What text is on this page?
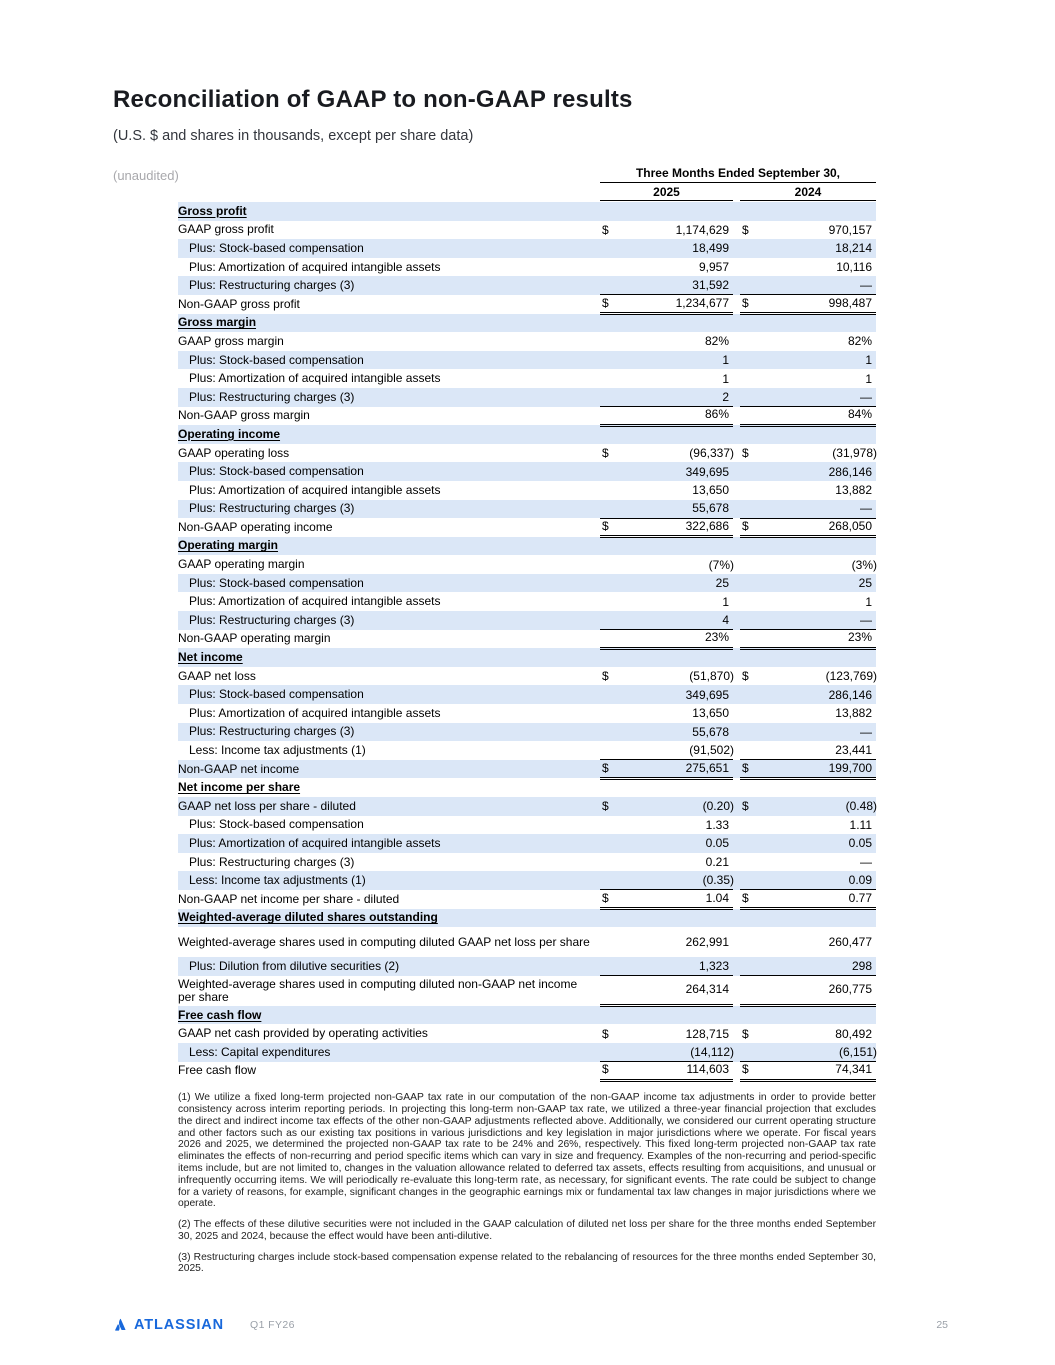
Reconciliation of GAAP to non-GAAP results
(U.S. $ and shares in thousands, except per share data)
(unaudited)	Three Months Ended September 30,
2025	2024
Gross profit
GAAP gross profit	$	1,174,629 $	970,157
Plus: Stock-based compensation	18,499	18,214
Plus: Amortization of acquired intangible assets	9,957	10,116
Plus: Restructuring charges (3)	31,592	—
Non-GAAP gross profit	$	1,234,677 $	998,487
Gross margin
GAAP gross margin	82%	82%
Plus: Stock-based compensation	1	1
Plus: Amortization of acquired intangible assets	1	1
Plus: Restructuring charges (3)	2	—
Non-GAAP gross margin	86%	84%
Operating income
GAAP operating loss	$	(96,337) $	(31,978)
Plus: Stock-based compensation	349,695	286,146
Plus: Amortization of acquired intangible assets	13,650	13,882
Plus: Restructuring charges (3)	55,678	—
Non-GAAP operating income	$	322,686 $	268,050
Operating margin
GAAP operating margin	(7%)	(3%)
Plus: Stock-based compensation	25	25
Plus: Amortization of acquired intangible assets	1	1
Plus: Restructuring charges (3)	4	—
Non-GAAP operating margin	23%	23%
Net income
GAAP net loss	$	(51,870) $	(123,769)
Plus: Stock-based compensation	349,695	286,146
Plus: Amortization of acquired intangible assets	13,650	13,882
Plus: Restructuring charges (3)	55,678	—
Less: Income tax adjustments (1)	(91,502)	23,441
Non-GAAP net income	$	275,651 $	199,700
Net income per share
GAAP net loss per share - diluted	$	(0.20) $	(0.48)
Plus: Stock-based compensation	1.33	1.11
Plus: Amortization of acquired intangible assets	0.05	0.05
Plus: Restructuring charges (3)	0.21	—
Less: Income tax adjustments (1)	(0.35)	0.09
Non-GAAP net income per share - diluted	$	1.04 $	0.77
Weighted-average diluted shares outstanding
Weighted-average shares used in computing diluted GAAP net loss per share	262,991	260,477
Plus: Dilution from dilutive securities (2)	1,323	298
Weighted-average shares used in computing diluted non-GAAP net income per share
264,314	260,775
Free cash flow
GAAP net cash provided by operating activities	$	128,715 $	80,492
Less: Capital expenditures	(14,112)	(6,151)
Free cash flow	$	114,603 $	74,341

(1) We utilize a fixed long-term projected non-GAAP tax rate in our computation of the non-GAAP income tax adjustments in order to provide better consistency across interim reporting periods. In projecting this long-term non-GAAP tax rate, we utilized a three-year financial projection that excludes the direct and indirect income tax effects of the other non-GAAP adjustments reflected above. Additionally, we considered our current operating structure and other factors such as our existing tax positions in various jurisdictions and key legislation in major jurisdictions where we operate. For fiscal years 2026 and 2025, we determined the projected non-GAAP tax rate to be 24% and 26%, respectively. This fixed long-term projected non-GAAP tax rate eliminates the effects of non-recurring and period specific items which can vary in size and frequency. Examples of the non-recurring and period-specific items include, but are not limited to, changes in the valuation allowance related to deferred tax assets, effects resulting from acquisitions, and unusual or infrequently occurring items. We will periodically re-evaluate this long-term rate, as necessary, for significant events. The rate could be subject to change for a variety of reasons, for example, significant changes in the geographic earnings mix or fundamental tax law changes in major jurisdictions where we operate.

(2) The effects of these dilutive securities were not included in the GAAP calculation of diluted net loss per share for the three months ended September 30, 2025 and 2024, because the effect would have been anti-dilutive.

(3) Restructuring charges include stock-based compensation expense related to the rebalancing of resources for the three months ended September 30, 2025.

ATLASSIAN Q1 FY26	25
